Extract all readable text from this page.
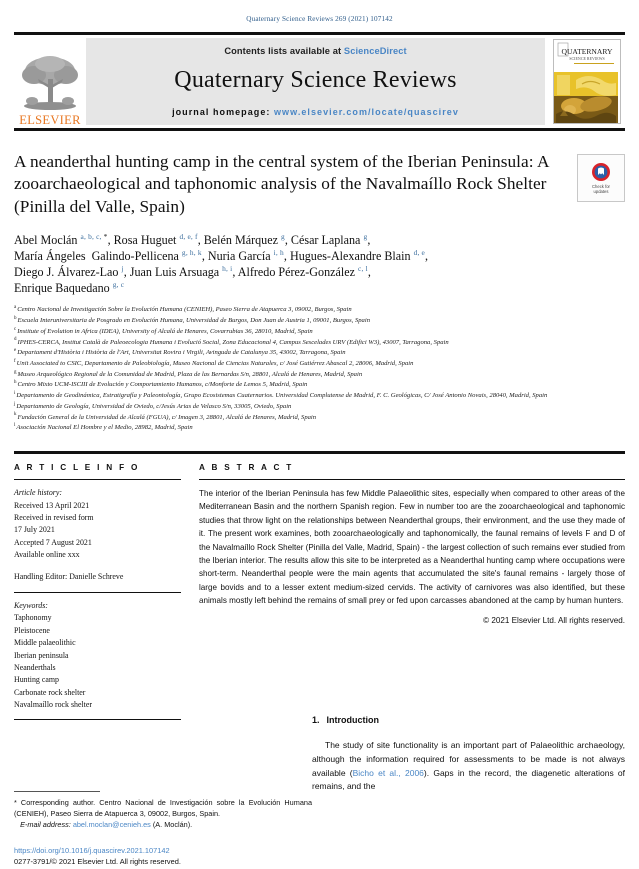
Quaternary Science Reviews 269 (2021) 107142
ELSEVIER
Contents lists available at ScienceDirect
Quaternary Science Reviews
journal homepage: www.elsevier.com/locate/quascirev
QUATERNARY
SCIENCE REVIEWS
A neanderthal hunting camp in the central system of the Iberian Peninsula: A zooarchaeological and taphonomic analysis of the Navalmaíllo Rock Shelter (Pinilla del Valle, Spain)
Check for
updates
Abel Moclán $^{a, b, c,}$ *, Rosa Huguet $^{d, e, f}$, Belén Márquez $^g$, César Laplana $^g$,
María Ángeles  Galindo-Pellicena $^{g, h, k}$, Nuria García $^{i, h}$, Hugues-Alexandre Blain $^{d, e}$,
Diego J. Álvarez-Lao $^j$, Juan Luis Arsuaga $^{h, i}$, Alfredo Pérez-González $^{c, l}$,
Enrique Baquedano $^{g, c}$
$^a$Centro Nacional de Investigación Sobre la Evolución Humana (CENIEH), Paseo Sierra de Atapuerca 3, 09002, Burgos, Spain
$^b$Escuela Interuniversitaria de Posgrado en Evolución Humana, Universidad de Burgos, Don Juan de Austria 1, 09001, Burgos, Spain
$^c$Institute of Evolution in Africa (IDEA), University of Alcalá de Henares, Covarrubias 36, 28010, Madrid, Spain
$^d$IPHES-CERCA, Institut Català de Paleoecologia Humana i Evolució Social, Zona Educacional 4, Campus Sescelades URV (Edifici W3), 43007, Tarragona, Spain
$^e$Departament d'Història i Història de l'Art, Universitat Rovira i Virgili, Avinguda de Catalunya 35, 43002, Tarragona, Spain
$^f$Unit Associated to CSIC, Departamento de Paleobiología, Museo Nacional de Ciencias Naturales, c/ José Gutiérrez Abascal 2, 28006, Madrid, Spain
$^g$Museo Arqueológico Regional de la Comunidad de Madrid, Plaza de las Bernardas S/n, 28801, Alcalá de Henares, Madrid, Spain
$^h$Centro Mixto UCM-ISCIII de Evolución y Comportamiento Humanos, c/Monforte de Lemos 5, Madrid, Spain
$^i$Departamento de Geodinámica, Estratigrafía y Paleontología, Grupo Ecosistemas Cuaternarios. Universidad Complutense de Madrid, F. C. Geológicas, C/ José Antonio Novais, 28040, Madrid, Spain
$^j$Departamento de Geología, Universidad de Oviedo, c/Jesús Arias de Velasco S/n, 33005, Oviedo, Spain
$^k$Fundación General de la Universidad de Alcalá (FGUA), c/ Imagen 3, 28801, Alcalá de Henares, Madrid, Spain
$^l$Asociación Nacional El Hombre y el Medio, 28982, Madrid, Spain
A R T I C L E I N F O
Article history:
Received 13 April 2021
Received in revised form
17 July 2021
Accepted 7 August 2021
Available online xxx
Handling Editor: Danielle Schreve
Keywords:
Taphonomy
Pleistocene
Middle palaeolithic
Iberian peninsula
Neanderthals
Hunting camp
Carbonate rock shelter
Navalmaíllo rock shelter
A B S T R A C T
The interior of the Iberian Peninsula has few Middle Palaeolithic sites, especially when compared to other areas of the Mediterranean Basin and the northern Spanish region. Few in number too are the zooarchaeological and taphonomic studies that throw light on the relationships between Neanderthal groups, their environment, and the use they made of it. The present work examines, both zooarchaeologically and taphonomically, the faunal remains of levels F and D of the Navalmaíllo Rock Shelter (Pinilla del Valle, Madrid, Spain) - the largest collection of such remains ever studied from the Iberian interior. The results allow this site to be interpreted as a Neanderthal hunting camp where occupations were short-term. Neanderthal people were the main agents that accumulated the site's faunal remains - largely those of large bovids and to a lesser extent medium-sized cervids. The activity of carnivores was also identified, but these animals mostly left behind the remains of small prey or fed upon carcasses abandoned at the camp by human hunters.
© 2021 Elsevier Ltd. All rights reserved.
* Corresponding author. Centro Nacional de Investigación sobre la Evolución Humana (CENIEH), Paseo Sierra de Atapuerca 3, 09002, Burgos, Spain.
E-mail address: abel.moclan@cenieh.es (A. Moclán).
https://doi.org/10.1016/j.quascirev.2021.107142
0277-3791/© 2021 Elsevier Ltd. All rights reserved.
1. Introduction
The study of site functionality is an important part of Palaeolithic archaeology, although the information required for assessments to be made is not always available (Bicho et al., 2006). Gaps in the record, the diagenetic alterations of remains, and the
